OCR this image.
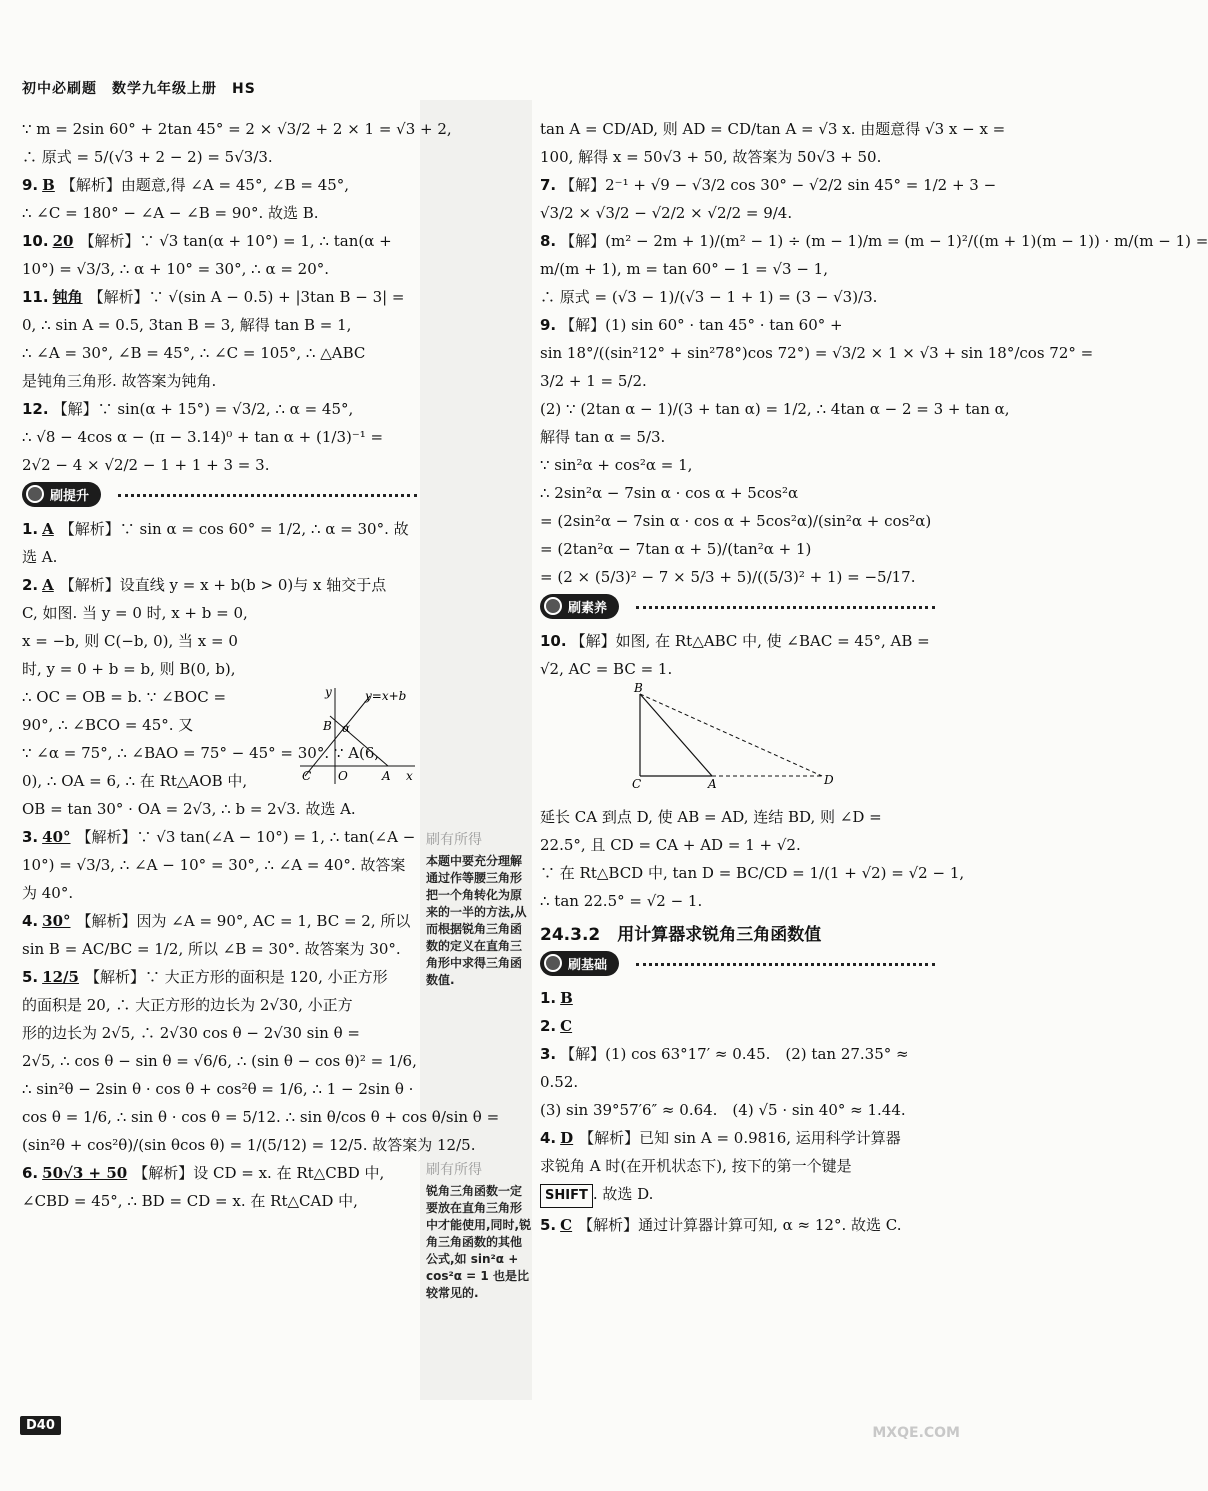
初中必刷题　数学九年级上册　HS
刷有所得
本题中要充分理解通过作等腰三角形把一个角转化为原来的一半的方法,从而根据锐角三角函数的定义在直角三角形中求得三角函数值.
刷有所得
锐角三角函数一定要放在直角三角形中才能使用,同时,锐角三角函数的其他公式,如 sin²α + cos²α = 1 也是比较常见的.
∵ m = 2sin 60° + 2tan 45° = 2 × √3/2 + 2 × 1 = √3 + 2,
∴ 原式 = 5/(√3 + 2 − 2) = 5√3/3.
9. B 【解析】由题意,得 ∠A = 45°, ∠B = 45°,
∴ ∠C = 180° − ∠A − ∠B = 90°. 故选 B.
10. 20 【解析】∵ √3 tan(α + 10°) = 1, ∴ tan(α +
10°) = √3/3, ∴ α + 10° = 30°, ∴ α = 20°.
11. 钝角 【解析】∵ √(sin A − 0.5) + |3tan B − 3| =
0, ∴ sin A = 0.5, 3tan B = 3, 解得 tan B = 1,
∴ ∠A = 30°, ∠B = 45°, ∴ ∠C = 105°, ∴ △ABC
是钝角三角形. 故答案为钝角.
12. 【解】∵ sin(α + 15°) = √3/2, ∴ α = 45°,
∴ √8 − 4cos α − (π − 3.14)⁰ + tan α + (1/3)⁻¹ =
2√2 − 4 × √2/2 − 1 + 1 + 3 = 3.
刷提升
1. A 【解析】∵ sin α = cos 60° = 1/2, ∴ α = 30°. 故
选 A.
2. A 【解析】设直线 y = x + b(b > 0)与 x 轴交于点
C, 如图. 当 y = 0 时, x + b = 0,
x = −b, 则 C(−b, 0), 当 x = 0
时, y = 0 + b = b, 则 B(0, b),
∴ OC = OB = b. ∵ ∠BOC =
90°, ∴ ∠BCO = 45°. 又
∵ ∠α = 75°, ∴ ∠BAO = 75° − 45° = 30°. ∵ A(6,
0), ∴ OA = 6, ∴ 在 Rt△AOB 中,
OB = tan 30° · OA = 2√3, ∴ b = 2√3. 故选 A.
3. 40° 【解析】∵ √3 tan(∠A − 10°) = 1, ∴ tan(∠A −
10°) = √3/3, ∴ ∠A − 10° = 30°, ∴ ∠A = 40°. 故答案
为 40°.
4. 30° 【解析】因为 ∠A = 90°, AC = 1, BC = 2, 所以
sin B = AC/BC = 1/2, 所以 ∠B = 30°. 故答案为 30°.
5. 12/5 【解析】∵ 大正方形的面积是 120, 小正方形
的面积是 20, ∴ 大正方形的边长为 2√30, 小正方
形的边长为 2√5, ∴ 2√30 cos θ − 2√30 sin θ =
2√5, ∴ cos θ − sin θ = √6/6, ∴ (sin θ − cos θ)² = 1/6,
∴ sin²θ − 2sin θ · cos θ + cos²θ = 1/6, ∴ 1 − 2sin θ ·
cos θ = 1/6, ∴ sin θ · cos θ = 5/12. ∴ sin θ/cos θ + cos θ/sin θ =
(sin²θ + cos²θ)/(sin θcos θ) = 1/(5/12) = 12/5. 故答案为 12/5.
6. 50√3 + 50 【解析】设 CD = x. 在 Rt△CBD 中,
∠CBD = 45°, ∴ BD = CD = x. 在 Rt△CAD 中,
y	y=x+b
B α
C O	A x
tan A = CD/AD, 则 AD = CD/tan A = √3 x. 由题意得 √3 x − x =
100, 解得 x = 50√3 + 50, 故答案为 50√3 + 50.
7. 【解】2⁻¹ + √9 − √3/2 cos 30° − √2/2 sin 45° = 1/2 + 3 −
√3/2 × √3/2 − √2/2 × √2/2 = 9/4.
8. 【解】(m² − 2m + 1)/(m² − 1) ÷ (m − 1)/m = (m − 1)²/((m + 1)(m − 1)) · m/(m − 1) =
m/(m + 1), m = tan 60° − 1 = √3 − 1,
∴ 原式 = (√3 − 1)/(√3 − 1 + 1) = (3 − √3)/3.
9. 【解】(1) sin 60° · tan 45° · tan 60° +
sin 18°/((sin²12° + sin²78°)cos 72°) = √3/2 × 1 × √3 + sin 18°/cos 72° =
3/2 + 1 = 5/2.
(2) ∵ (2tan α − 1)/(3 + tan α) = 1/2, ∴ 4tan α − 2 = 3 + tan α,
解得 tan α = 5/3.
∵ sin²α + cos²α = 1,
∴ 2sin²α − 7sin α · cos α + 5cos²α
= (2sin²α − 7sin α · cos α + 5cos²α)/(sin²α + cos²α)
= (2tan²α − 7tan α + 5)/(tan²α + 1)
= (2 × (5/3)² − 7 × 5/3 + 5)/((5/3)² + 1) = −5/17.
刷素养
10. 【解】如图, 在 Rt△ABC 中, 使 ∠BAC = 45°, AB =
√2, AC = BC = 1.
延长 CA 到点 D, 使 AB = AD, 连结 BD, 则 ∠D =
22.5°, 且 CD = CA + AD = 1 + √2.
∵ 在 Rt△BCD 中, tan D = BC/CD = 1/(1 + √2) = √2 − 1,
∴ tan 22.5° = √2 − 1.
24.3.2　用计算器求锐角三角函数值
刷基础
1. B
2. C
3. 【解】(1) cos 63°17′ ≈ 0.45.　(2) tan 27.35° ≈
0.52.
(3) sin 39°57′6″ ≈ 0.64.　(4) √5 · sin 40° ≈ 1.44.
4. D 【解析】已知 sin A = 0.9816, 运用科学计算器
求锐角 A 时(在开机状态下), 按下的第一个键是
SHIFT . 故选 D.
5. C 【解析】通过计算器计算可知, α ≈ 12°. 故选 C.
B
C	A	D
D40	MXQE.COM
